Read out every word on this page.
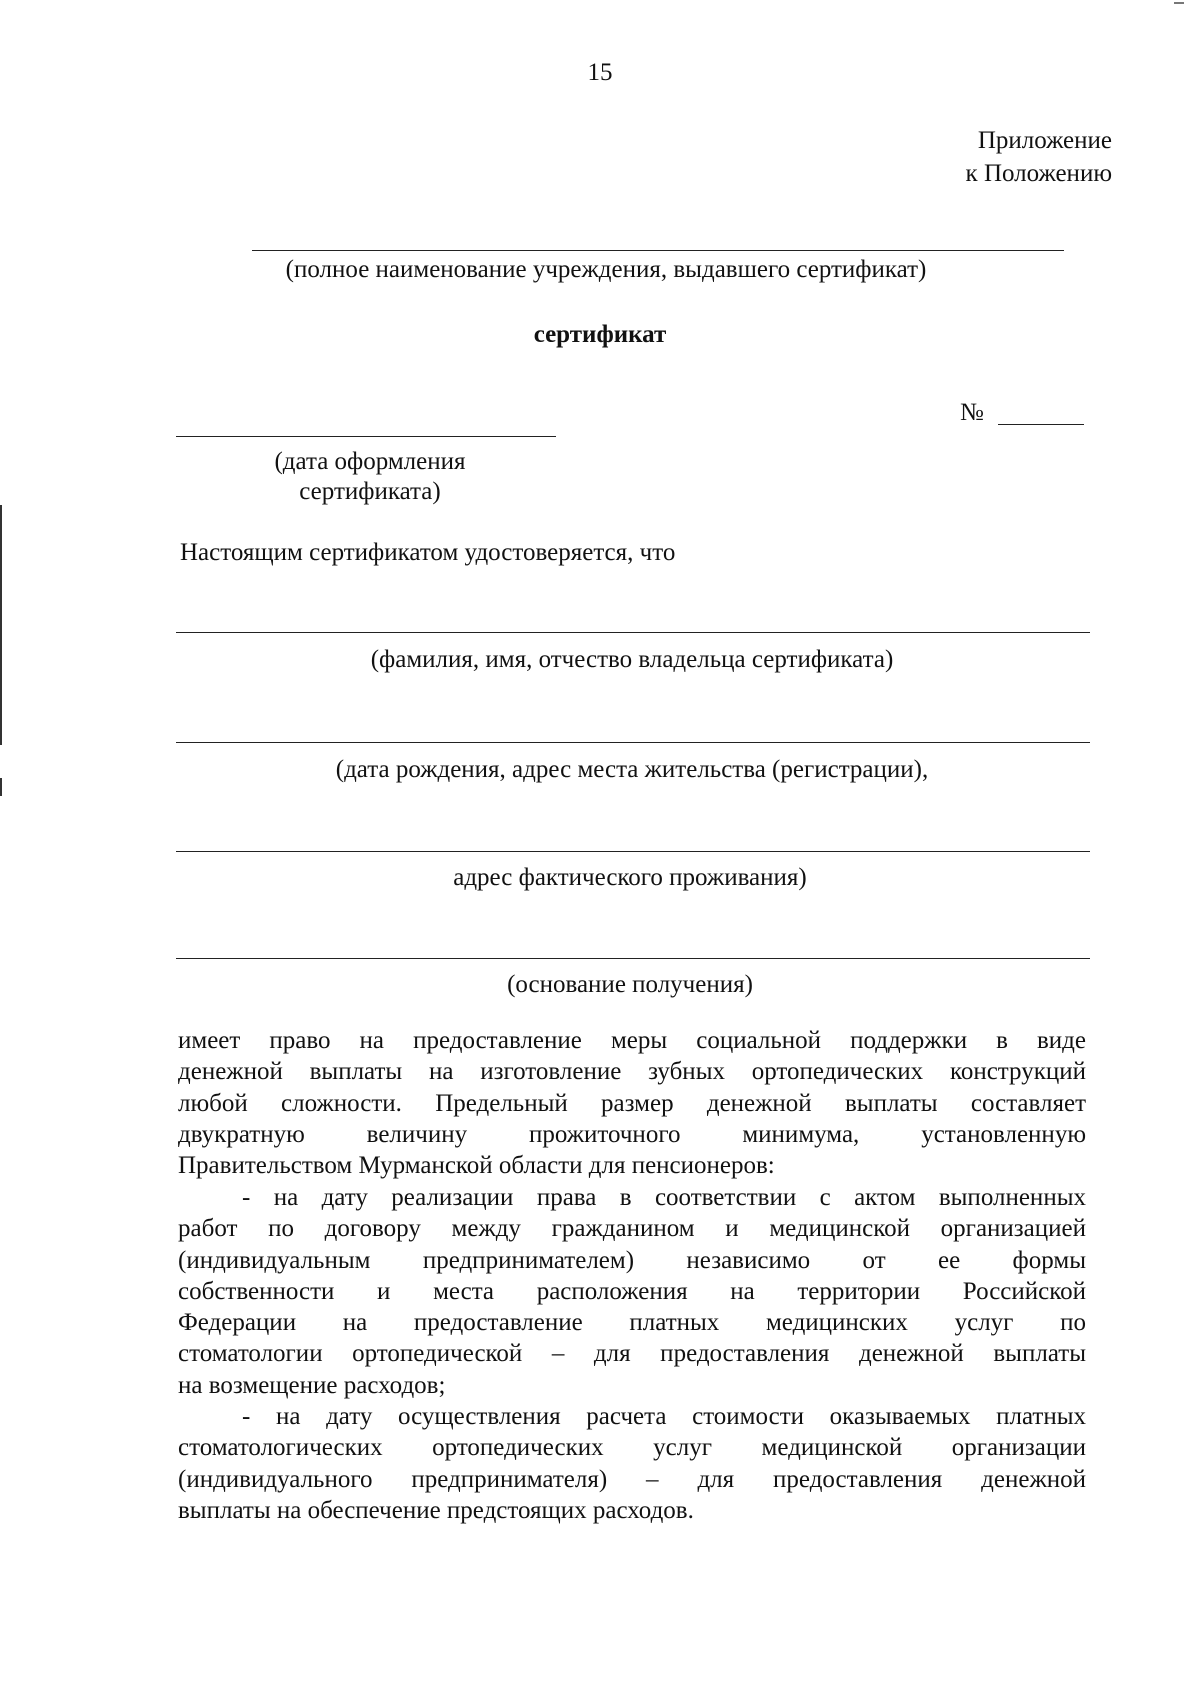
15
Приложение
к Положению
(полное наименование учреждения, выдавшего сертификат)
сертификат
№
(дата оформления
сертификата)
Настоящим сертификатом удостоверяется, что
(фамилия, имя, отчество владельца сертификата)
(дата рождения, адрес места жительства (регистрации),
адрес фактического проживания)
(основание получения)
имеет право на предоставление меры социальной поддержки в виде
денежной выплаты на изготовление зубных ортопедических конструкций
любой сложности. Предельный размер денежной выплаты составляет
двукратную величину прожиточного минимума, установленную
Правительством Мурманской области для пенсионеров:
- на дату реализации права в соответствии с актом выполненных
работ по договору между гражданином и медицинской организацией
(индивидуальным предпринимателем) независимо от ее формы
собственности и места расположения на территории Российской
Федерации на предоставление платных медицинских услуг по
стоматологии ортопедической – для предоставления денежной выплаты
на возмещение расходов;
- на дату осуществления расчета стоимости оказываемых платных
стоматологических ортопедических услуг медицинской организации
(индивидуального предпринимателя) – для предоставления денежной
выплаты на обеспечение предстоящих расходов.
